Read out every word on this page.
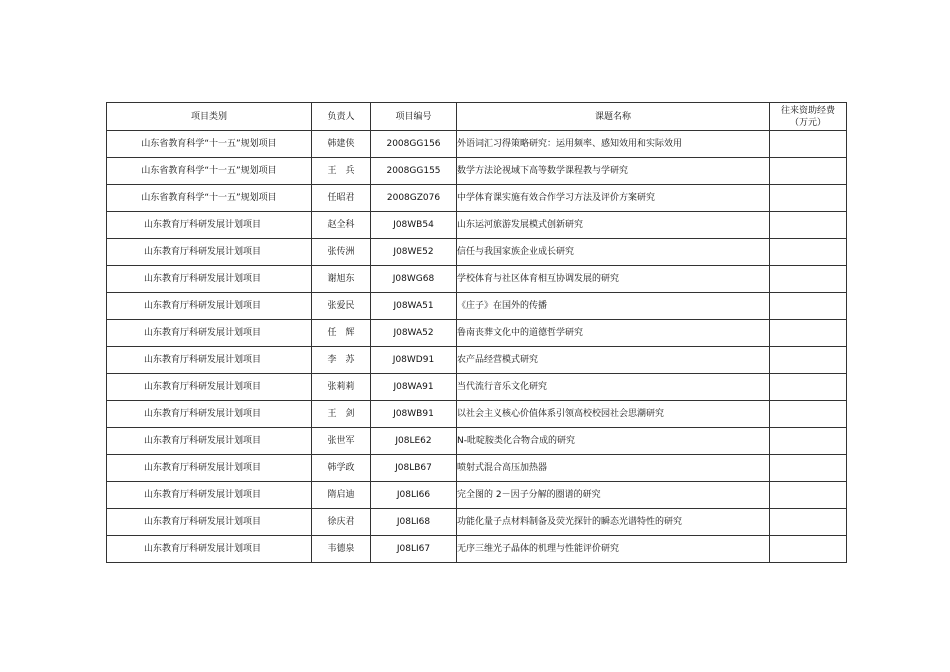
项目类别	负责人	项目编号	课题名称	往来资助经费
（万元）

山东省教育科学“十一五”规划项目	韩建侠	2008GG156	外语词汇习得策略研究：运用频率、感知效用和实际效用	
山东省教育科学“十一五”规划项目	王　兵	2008GG155	数学方法论视域下高等数学课程教与学研究	
山东省教育科学“十一五”规划项目	任昭君	2008GZ076	中学体育课实施有效合作学习方法及评价方案研究	
山东教育厅科研发展计划项目	赵全科	J08WB54	山东运河旅游发展模式创新研究	
山东教育厅科研发展计划项目	张传洲	J08WE52	信任与我国家族企业成长研究	
山东教育厅科研发展计划项目	谢旭东	J08WG68	学校体育与社区体育相互协调发展的研究	
山东教育厅科研发展计划项目	张爱民	J08WA51	《庄子》在国外的传播	
山东教育厅科研发展计划项目	任　辉	J08WA52	鲁南丧葬文化中的道德哲学研究	
山东教育厅科研发展计划项目	李　苏	J08WD91	农产品经营模式研究	
山东教育厅科研发展计划项目	张莉莉	J08WA91	当代流行音乐文化研究	
山东教育厅科研发展计划项目	王　剑	J08WB91	以社会主义核心价值体系引领高校校园社会思潮研究	
山东教育厅科研发展计划项目	张世军	J08LE62	N-吡啶胺类化合物合成的研究	
山东教育厅科研发展计划项目	韩学政	J08LB67	喷射式混合高压加热器	
山东教育厅科研发展计划项目	隋启迪	J08LI66	完全图的 2－因子分解的圈谱的研究	
山东教育厅科研发展计划项目	徐庆君	J08LI68	功能化量子点材料制备及荧光探针的瞬态光谱特性的研究	
山东教育厅科研发展计划项目	韦德泉	J08LI67	无序三维光子晶体的机理与性能评价研究	
